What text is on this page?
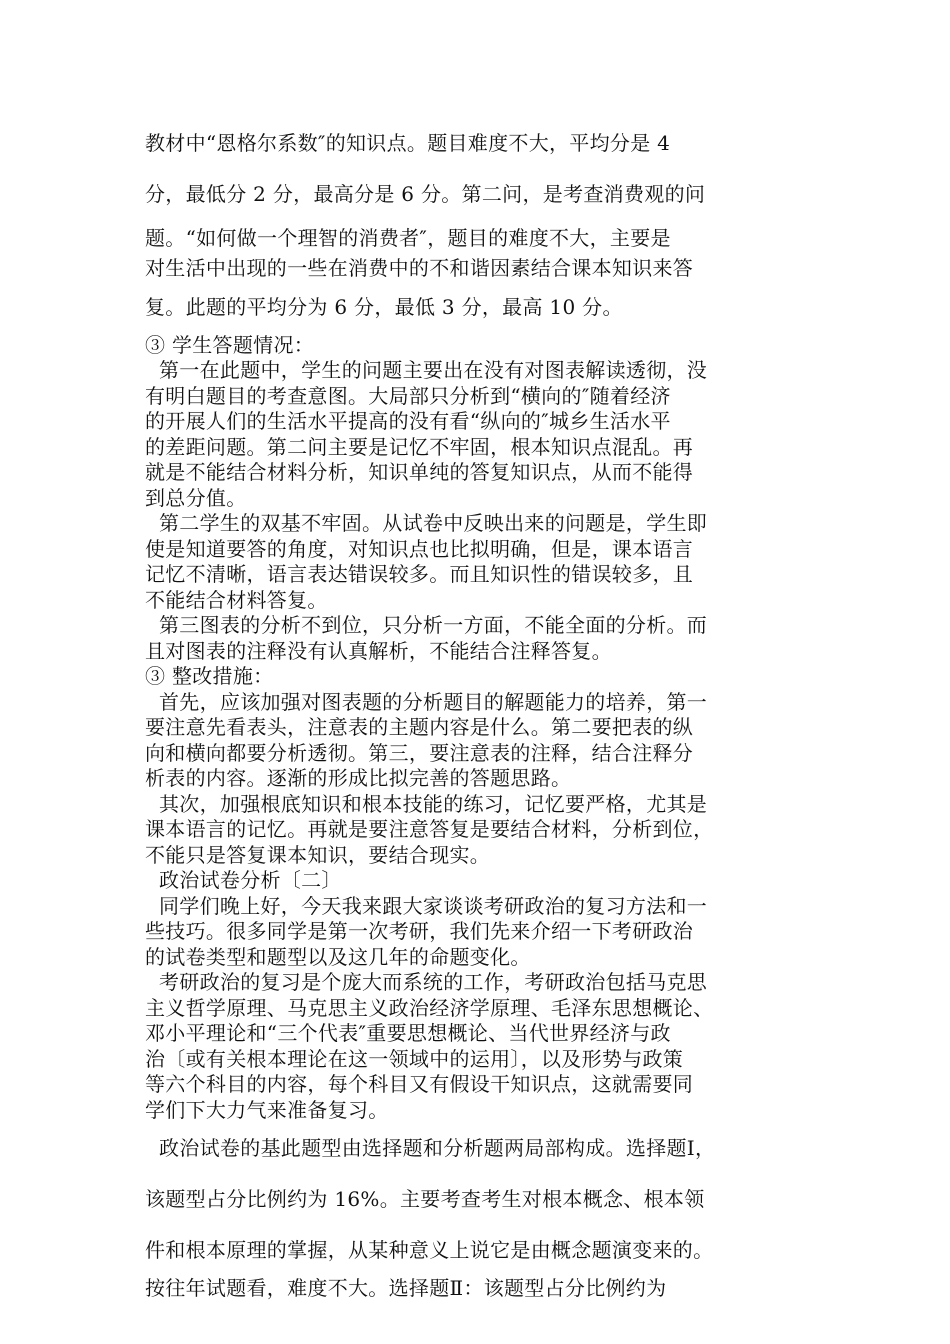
教材中“恩格尔系数″的知识点。题目难度不大，平均分是 4
分，最低分 2 分，最高分是 6 分。第二问，是考查消费观的问
题。“如何做一个理智的消费者″，题目的难度不大，主要是
对生活中出现的一些在消费中的不和谐因素结合课本知识来答
复。此题的平均分为 6 分，最低 3 分，最高 10 分。
③ 学生答题情况：
第一在此题中，学生的问题主要出在没有对图表解读透彻，没
有明白题目的考查意图。大局部只分析到“横向的″随着经济
的开展人们的生活水平提高的没有看“纵向的″城乡生活水平
的差距问题。第二问主要是记忆不牢固，根本知识点混乱。再
就是不能结合材料分析，知识单纯的答复知识点，从而不能得
到总分值。
第二学生的双基不牢固。从试卷中反映出来的问题是，学生即
使是知道要答的角度，对知识点也比拟明确，但是，课本语言
记忆不清晰，语言表达错误较多。而且知识性的错误较多，且
不能结合材料答复。
第三图表的分析不到位，只分析一方面，不能全面的分析。而
且对图表的注释没有认真解析，不能结合注释答复。
③ 整改措施：
首先，应该加强对图表题的分析题目的解题能力的培养，第一
要注意先看表头，注意表的主题内容是什么。第二要把表的纵
向和横向都要分析透彻。第三，要注意表的注释，结合注释分
析表的内容。逐渐的形成比拟完善的答题思路。
其次，加强根底知识和根本技能的练习，记忆要严格，尤其是
课本语言的记忆。再就是要注意答复是要结合材料，分析到位，
不能只是答复课本知识，要结合现实。
政治试卷分析〔二〕
同学们晚上好，今天我来跟大家谈谈考研政治的复习方法和一
些技巧。很多同学是第一次考研，我们先来介绍一下考研政治
的试卷类型和题型以及这几年的命题变化。
考研政治的复习是个庞大而系统的工作，考研政治包括马克思
主义哲学原理、马克思主义政治经济学原理、毛泽东思想概论、
邓小平理论和“三个代表″重要思想概论、当代世界经济与政
治〔或有关根本理论在这一领域中的运用〕，以及形势与政策
等六个科目的内容，每个科目又有假设干知识点，这就需要同
学们下大力气来准备复习。
政治试卷的基此题型由选择题和分析题两局部构成。选择题Ⅰ，
该题型占分比例约为 16%。主要考查考生对根本概念、根本领
件和根本原理的掌握，从某种意义上说它是由概念题演变来的。
按往年试题看，难度不大。选择题Ⅱ：该题型占分比例约为
